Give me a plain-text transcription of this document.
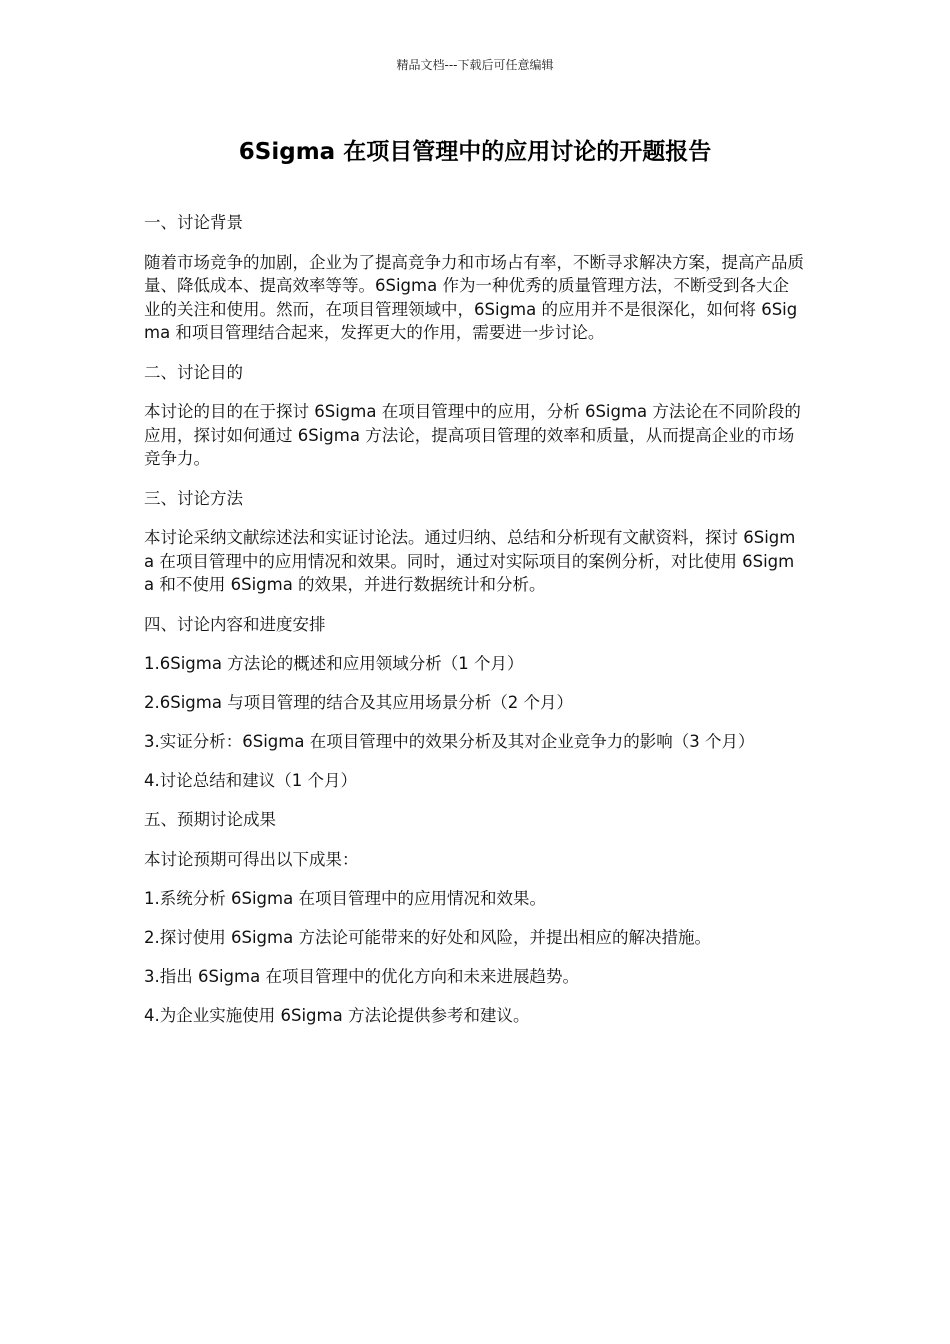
精品文档---下载后可任意编辑
6Sigma 在项目管理中的应用讨论的开题报告

一、讨论背景

随着市场竞争的加剧，企业为了提高竞争力和市场占有率，不断寻求解决方案，提高产品质量、降低成本、提高效率等等。6Sigma 作为一种优秀的质量管理方法，不断受到各大企业的关注和使用。然而，在项目管理领域中，6Sigma 的应用并不是很深化，如何将 6Sigma 和项目管理结合起来，发挥更大的作用，需要进一步讨论。

二、讨论目的

本讨论的目的在于探讨 6Sigma 在项目管理中的应用，分析 6Sigma 方法论在不同阶段的应用，探讨如何通过 6Sigma 方法论，提高项目管理的效率和质量，从而提高企业的市场竞争力。

三、讨论方法

本讨论采纳文献综述法和实证讨论法。通过归纳、总结和分析现有文献资料，探讨 6Sigma 在项目管理中的应用情况和效果。同时，通过对实际项目的案例分析，对比使用 6Sigma 和不使用 6Sigma 的效果，并进行数据统计和分析。

四、讨论内容和进度安排

1.6Sigma 方法论的概述和应用领域分析（1 个月）

2.6Sigma 与项目管理的结合及其应用场景分析（2 个月）

3.实证分析：6Sigma 在项目管理中的效果分析及其对企业竞争力的影响（3 个月）

4.讨论总结和建议（1 个月）

五、预期讨论成果

本讨论预期可得出以下成果：

1.系统分析 6Sigma 在项目管理中的应用情况和效果。

2.探讨使用 6Sigma 方法论可能带来的好处和风险，并提出相应的解决措施。

3.指出 6Sigma 在项目管理中的优化方向和未来进展趋势。

4.为企业实施使用 6Sigma 方法论提供参考和建议。
